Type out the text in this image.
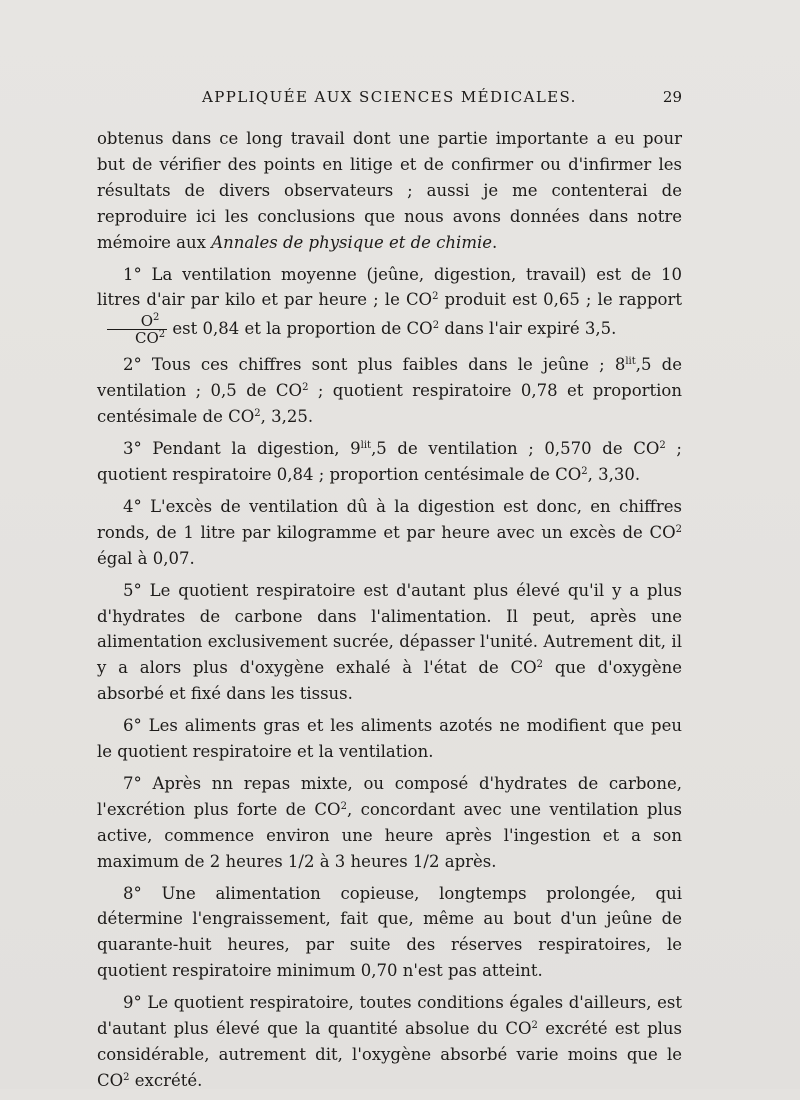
APPLIQUÉE AUX SCIENCES MÉDICALES.	29

obtenus dans ce long travail dont une partie importante a eu pour but de vérifier des points en litige et de confirmer ou d'infirmer les résultats de divers observateurs ; aussi je me contenterai de reproduire ici les conclusions que nous avons données dans notre mémoire aux Annales de physique et de chimie.

1° La ventilation moyenne (jeûne, digestion, travail) est de 10 litres d'air par kilo et par heure ; le $CO^2$ produit est 0,65 ; le rapport
$\frac{O^2}{CO^2}$ est 0,84 et la proportion de $CO^2$ dans l'air expiré 3,5.

2° Tous ces chiffres sont plus faibles dans le jeûne ; $8^{lit},5$ de ventilation ; 0,5 de $CO^2$ ; quotient respiratoire 0,78 et proportion centésimale de $CO^2$, 3,25.

3° Pendant la digestion, $9^{lit},5$ de ventilation ; 0,570 de $CO^2$ ; quotient respiratoire 0,84 ; proportion centésimale de $CO^2$, 3,30.

4° L'excès de ventilation dû à la digestion est donc, en chiffres ronds, de 1 litre par kilogramme et par heure avec un excès de $CO^2$ égal à 0,07.

5° Le quotient respiratoire est d'autant plus élevé qu'il y a plus d'hydrates de carbone dans l'alimentation. Il peut, après une alimentation exclusivement sucrée, dépasser l'unité. Autrement dit, il y a alors plus d'oxygène exhalé à l'état de $CO^2$ que d'oxygène absorbé et fixé dans les tissus.

6° Les aliments gras et les aliments azotés ne modifient que peu le quotient respiratoire et la ventilation.

7° Après nn repas mixte, ou composé d'hydrates de carbone, l'excrétion plus forte de $CO^2$, concordant avec une ventilation plus active, commence environ une heure après l'ingestion et a son maximum de 2 heures 1/2 à 3 heures 1/2 après.

8° Une alimentation copieuse, longtemps prolongée, qui détermine l'engraissement, fait que, même au bout d'un jeûne de quarante-huit heures, par suite des réserves respiratoires, le quotient respiratoire minimum 0,70 n'est pas atteint.

9° Le quotient respiratoire, toutes conditions égales d'ailleurs, est d'autant plus élevé que la quantité absolue du $CO^2$ excrété est plus considérable, autrement dit, l'oxygène absorbé varie moins que le $CO^2$ excrété.
